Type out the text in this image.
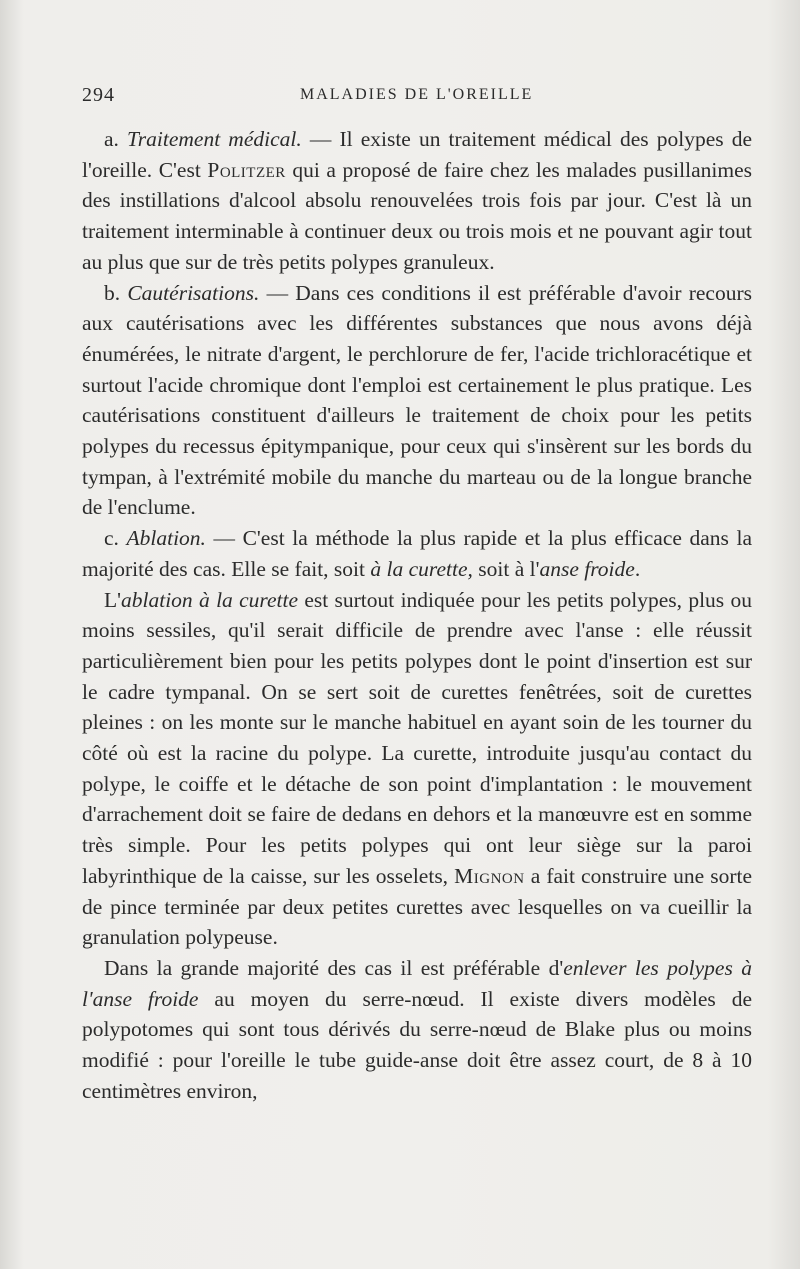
294	MALADIES DE L'OREILLE

a. Traitement médical. — Il existe un traitement médical des polypes de l'oreille. C'est Politzer qui a proposé de faire chez les malades pusillanimes des instillations d'alcool absolu renouvelées trois fois par jour. C'est là un traitement interminable à continuer deux ou trois mois et ne pouvant agir tout au plus que sur de très petits polypes granuleux.

b. Cautérisations. — Dans ces conditions il est préférable d'avoir recours aux cautérisations avec les différentes substances que nous avons déjà énumérées, le nitrate d'argent, le perchlorure de fer, l'acide trichloracétique et surtout l'acide chromique dont l'emploi est certainement le plus pratique. Les cautérisations constituent d'ailleurs le traitement de choix pour les petits polypes du recessus épitympanique, pour ceux qui s'insèrent sur les bords du tympan, à l'extrémité mobile du manche du marteau ou de la longue branche de l'enclume.

c. Ablation. — C'est la méthode la plus rapide et la plus efficace dans la majorité des cas. Elle se fait, soit à la curette, soit à l'anse froide.

L'ablation à la curette est surtout indiquée pour les petits polypes, plus ou moins sessiles, qu'il serait difficile de prendre avec l'anse : elle réussit particulièrement bien pour les petits polypes dont le point d'insertion est sur le cadre tympanal. On se sert soit de curettes fenêtrées, soit de curettes pleines : on les monte sur le manche habituel en ayant soin de les tourner du côté où est la racine du polype. La curette, introduite jusqu'au contact du polype, le coiffe et le détache de son point d'implantation : le mouvement d'arrachement doit se faire de dedans en dehors et la manœuvre est en somme très simple. Pour les petits polypes qui ont leur siège sur la paroi labyrinthique de la caisse, sur les osselets, Mignon a fait construire une sorte de pince terminée par deux petites curettes avec lesquelles on va cueillir la granulation polypeuse.

Dans la grande majorité des cas il est préférable d'enlever les polypes à l'anse froide au moyen du serre-nœud. Il existe divers modèles de polypotomes qui sont tous dérivés du serre-nœud de Blake plus ou moins modifié : pour l'oreille le tube guide-anse doit être assez court, de 8 à 10 centimètres environ,
